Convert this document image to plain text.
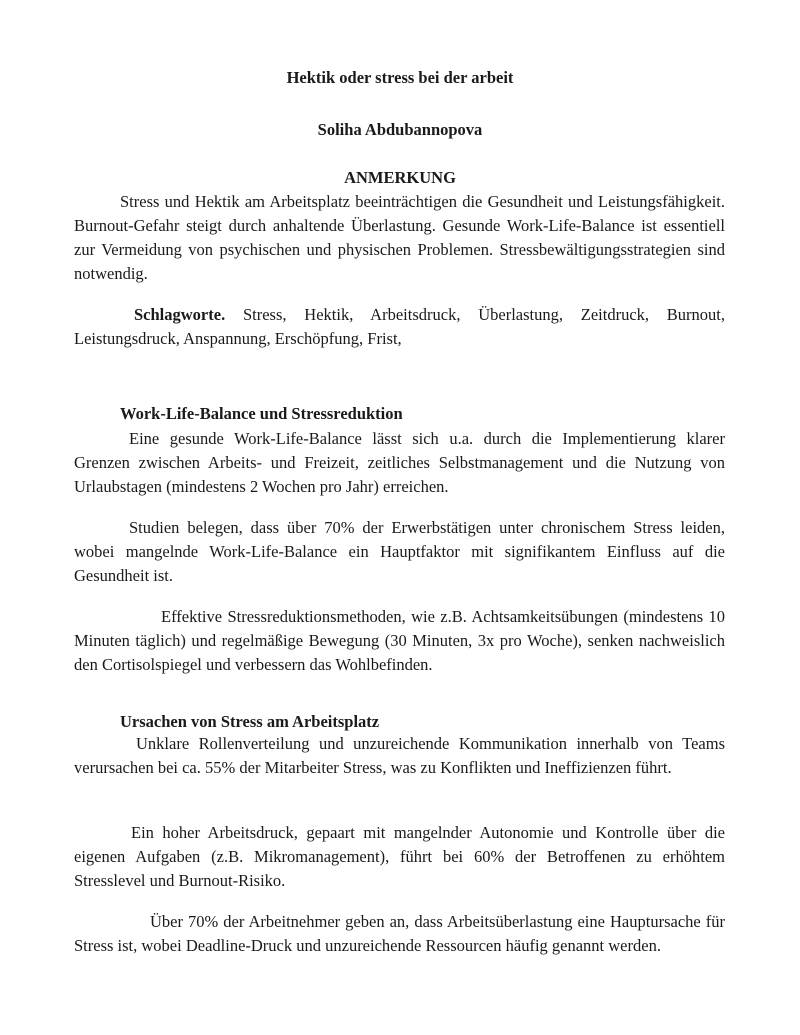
Hektik oder stress bei der arbeit
Soliha Abdubannopova
ANMERKUNG
Stress und Hektik am Arbeitsplatz beeinträchtigen die Gesundheit und Leistungsfähigkeit. Burnout-Gefahr steigt durch anhaltende Überlastung. Gesunde Work-Life-Balance ist essentiell zur Vermeidung von psychischen und physischen Problemen. Stressbewältigungsstrategien sind notwendig.
Schlagworte. Stress, Hektik, Arbeitsdruck, Überlastung, Zeitdruck, Burnout, Leistungsdruck, Anspannung, Erschöpfung, Frist,
Work-Life-Balance und Stressreduktion
Eine gesunde Work-Life-Balance lässt sich u.a. durch die Implementierung klarer Grenzen zwischen Arbeits- und Freizeit, zeitliches Selbstmanagement und die Nutzung von Urlaubstagen (mindestens 2 Wochen pro Jahr) erreichen.
Studien belegen, dass über 70% der Erwerbstätigen unter chronischem Stress leiden, wobei mangelnde Work-Life-Balance ein Hauptfaktor mit signifikantem Einfluss auf die Gesundheit ist.
Effektive Stressreduktionsmethoden, wie z.B. Achtsamkeitsübungen (mindestens 10 Minuten täglich) und regelmäßige Bewegung (30 Minuten, 3x pro Woche), senken nachweislich den Cortisolspiegel und verbessern das Wohlbefinden.
Ursachen von Stress am Arbeitsplatz
Unklare Rollenverteilung und unzureichende Kommunikation innerhalb von Teams verursachen bei ca. 55% der Mitarbeiter Stress, was zu Konflikten und Ineffizienzen führt.
Ein hoher Arbeitsdruck, gepaart mit mangelnder Autonomie und Kontrolle über die eigenen Aufgaben (z.B. Mikromanagement), führt bei 60% der Betroffenen zu erhöhtem Stresslevel und Burnout-Risiko.
Über 70% der Arbeitnehmer geben an, dass Arbeitsüberlastung eine Hauptursache für Stress ist, wobei Deadline-Druck und unzureichende Ressourcen häufig genannt werden.
